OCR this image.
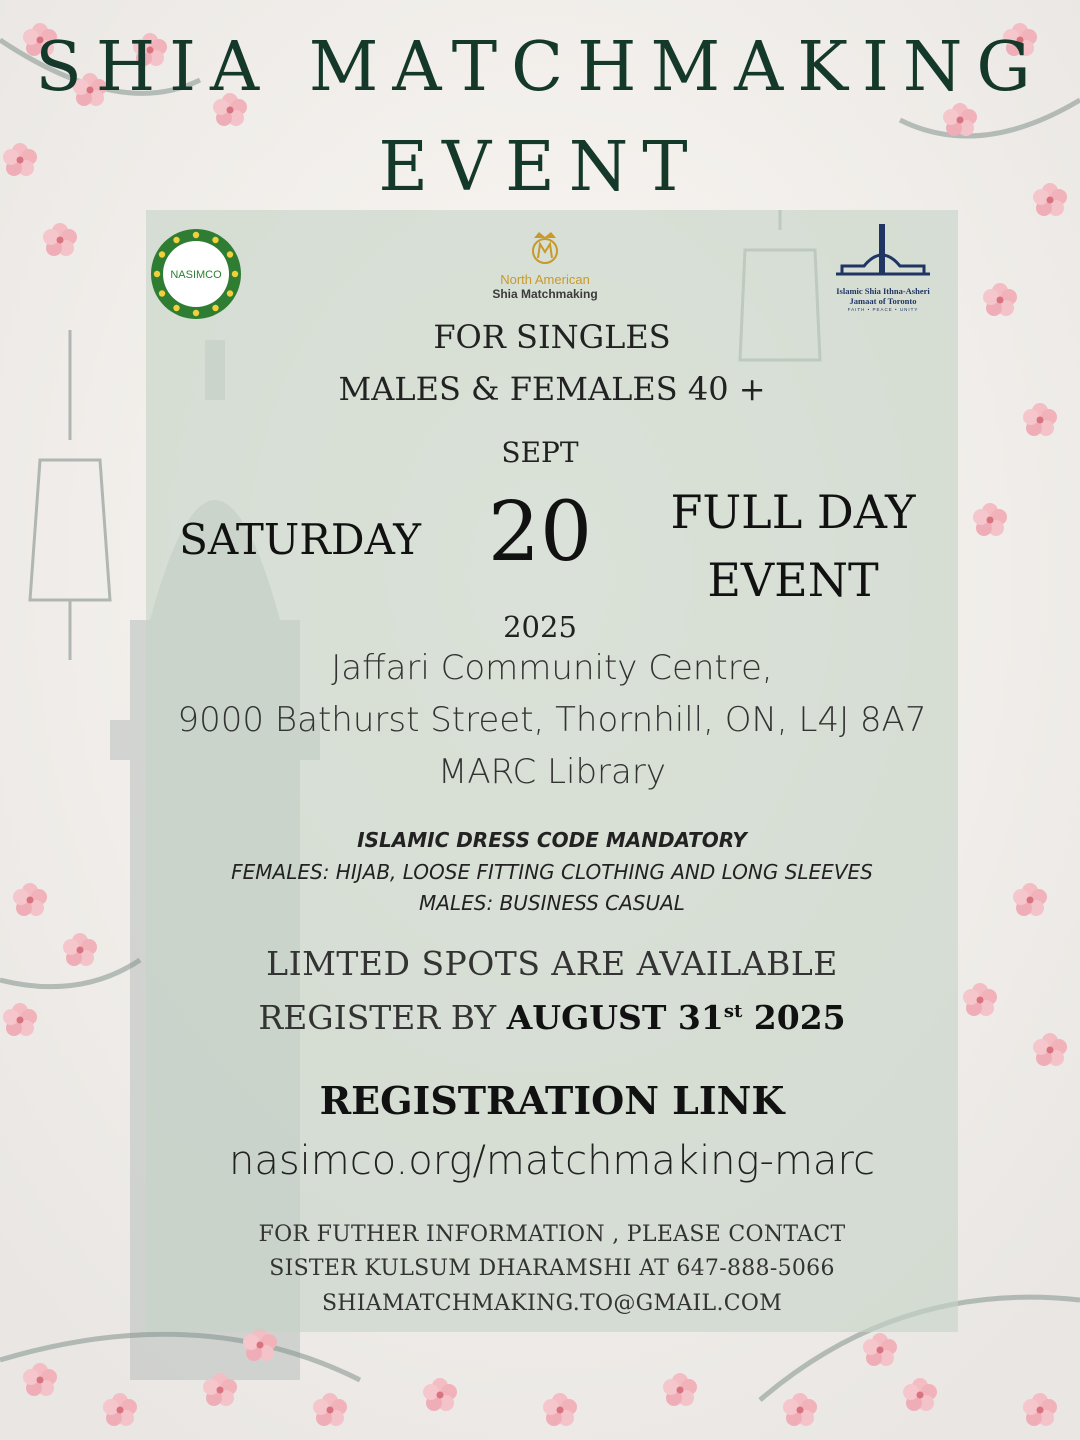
SHIA MATCHMAKING
EVENT
NASIMCO	North American
Shia Matchmaking	Islamic Shia Ithna-Asheri
Jamaat of Toronto
FAITH • PEACE • UNITY

FOR SINGLES

MALES & FEMALES 40 +

SEPT
SATURDAY 20	FULL DAY
EVENT
2025

Jaffari Community Centre,

9000 Bathurst Street, Thornhill, ON, L4J 8A7

MARC Library

ISLAMIC DRESS CODE MANDATORY

FEMALES: HIJAB, LOOSE FITTING CLOTHING AND LONG SLEEVES

MALES: BUSINESS CASUAL

LIMTED SPOTS ARE AVAILABLE

REGISTER BY AUGUST 31st 2025

REGISTRATION LINK

nasimco.org/matchmaking-marc

FOR FUTHER INFORMATION , PLEASE CONTACT

SISTER KULSUM DHARAMSHI AT 647-888-5066

SHIAMATCHMAKING.TO@GMAIL.COM
